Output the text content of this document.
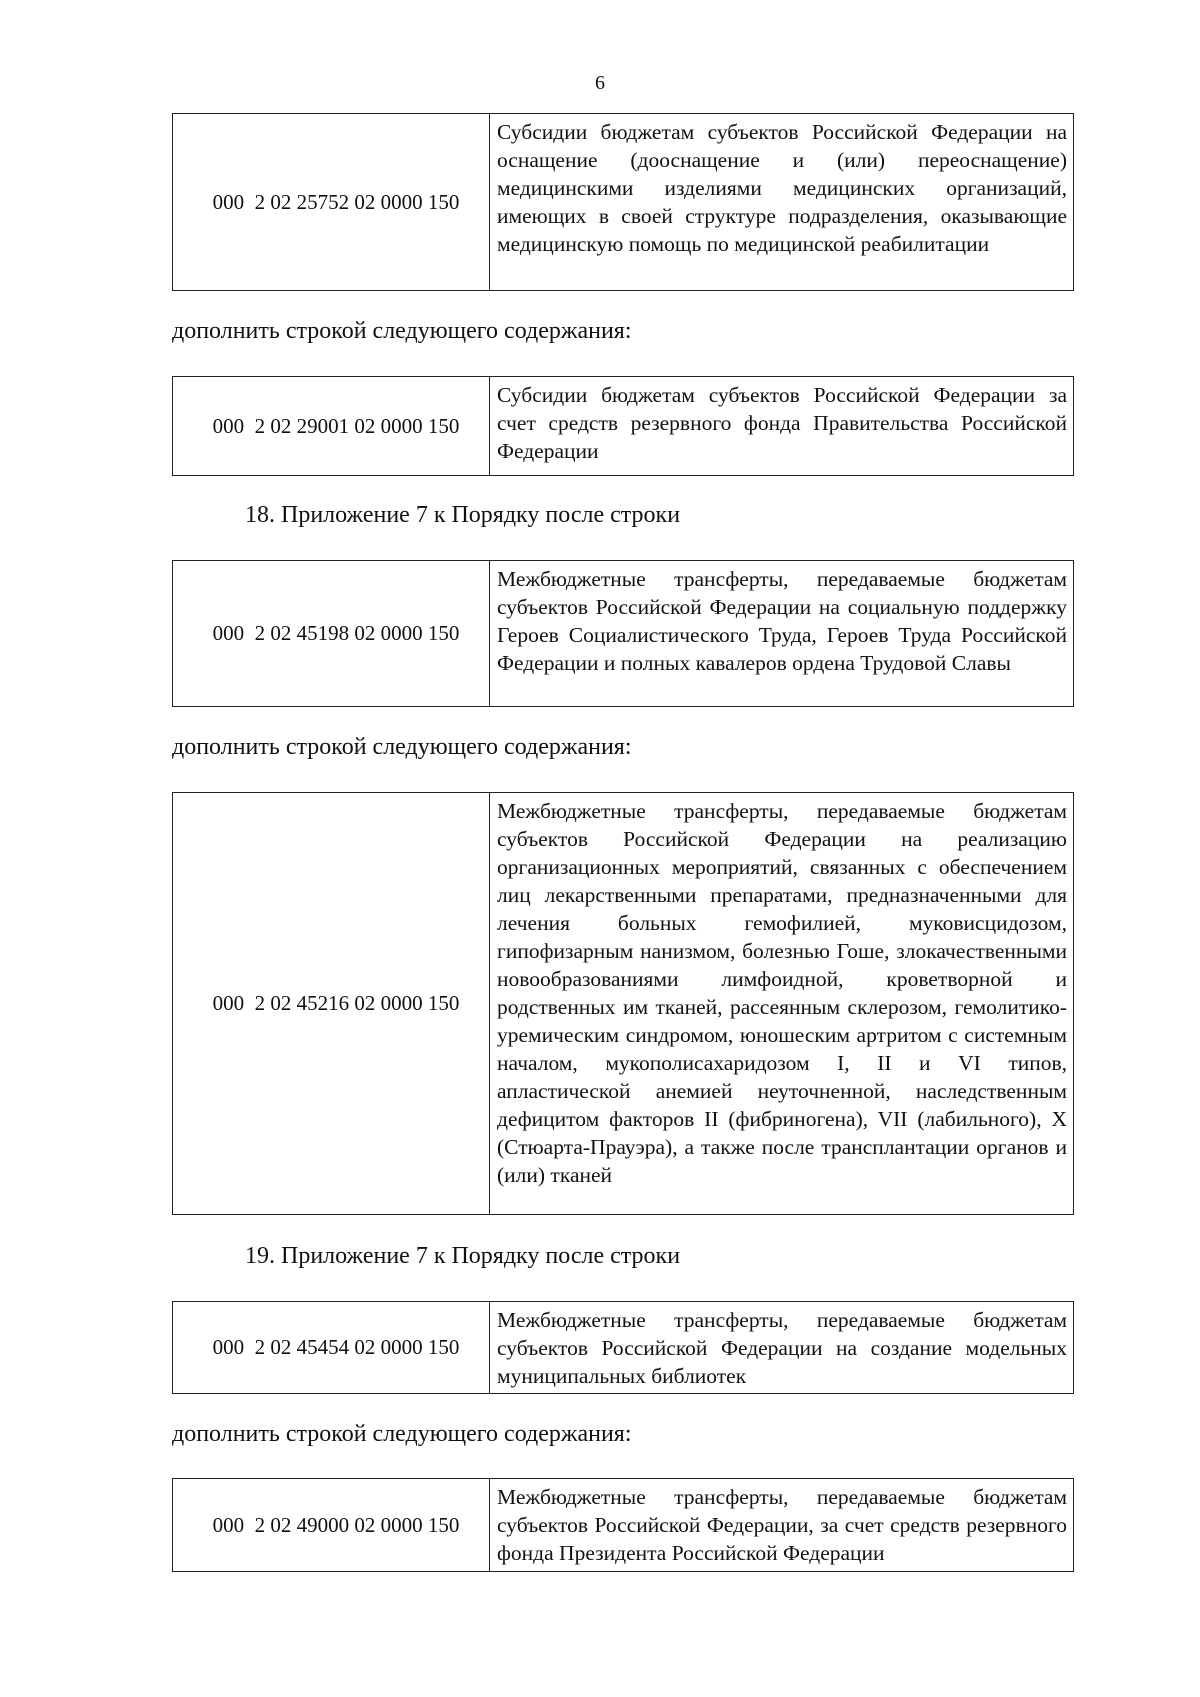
6
000  2 02 25752 02 0000 150
Субсидии бюджетам субъектов Российской Федерации на оснащение (дооснащение и (или) переоснащение) медицинскими изделиями медицинских организаций, имеющих в своей структуре подразделения, оказывающие медицинскую помощь по медицинской реабилитации
дополнить строкой следующего содержания:
000  2 02 29001 02 0000 150
Субсидии бюджетам субъектов Российской Федерации за счет средств резервного фонда Правительства Российской Федерации
18. Приложение 7 к Порядку после строки
000  2 02 45198 02 0000 150
Межбюджетные трансферты, передаваемые бюджетам субъектов Российской Федерации на социальную поддержку Героев Социалистического Труда, Героев Труда Российской Федерации и полных кавалеров ордена Трудовой Славы
дополнить строкой следующего содержания:
000  2 02 45216 02 0000 150
Межбюджетные трансферты, передаваемые бюджетам субъектов Российской Федерации на реализацию организационных мероприятий, связанных с обеспечением лиц лекарственными препаратами, предназначенными для лечения больных гемофилией, муковисцидозом, гипофизарным нанизмом, болезнью Гоше, злокачественными новообразованиями лимфоидной, кроветворной и родственных им тканей, рассеянным склерозом, гемолитико-уремическим синдромом, юношеским артритом с системным началом, мукополисахаридозом I, II и VI типов, апластической анемией неуточненной, наследственным дефицитом факторов II (фибриногена), VII (лабильного), X (Стюарта-Прауэра), а также после трансплантации органов и (или) тканей
19. Приложение 7 к Порядку после строки
000  2 02 45454 02 0000 150
Межбюджетные трансферты, передаваемые бюджетам субъектов Российской Федерации на создание модельных муниципальных библиотек
дополнить строкой следующего содержания:
000  2 02 49000 02 0000 150
Межбюджетные трансферты, передаваемые бюджетам субъектов Российской Федерации, за счет средств резервного фонда Президента Российской Федерации
